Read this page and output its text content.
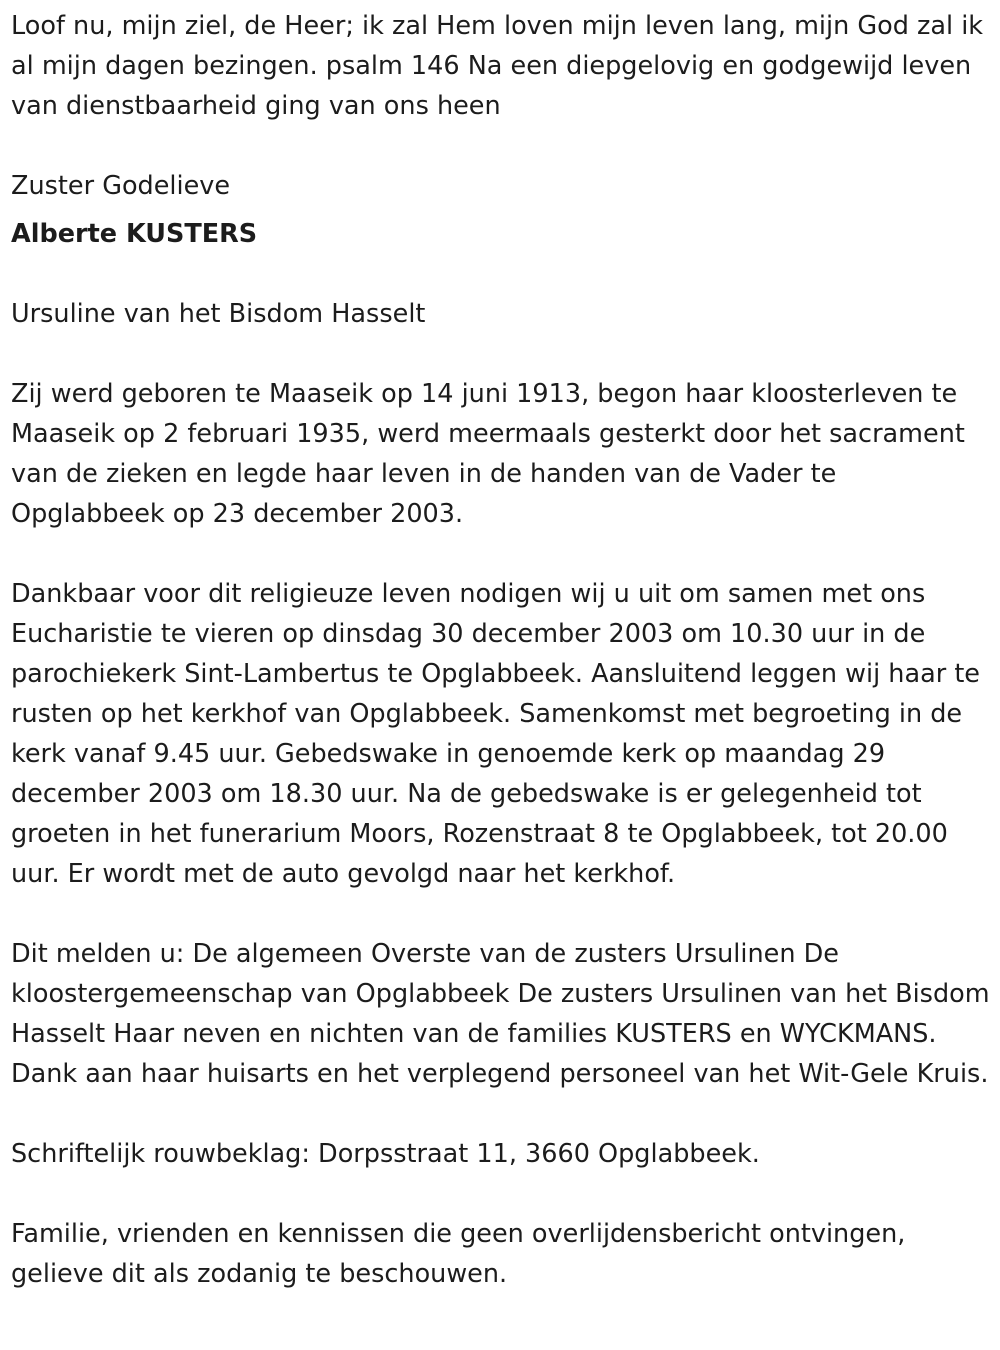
Loof nu, mijn ziel, de Heer; ik zal Hem loven mijn leven lang, mijn God zal ik al mijn dagen bezingen. psalm 146 Na een diepgelovig en godgewijd leven van dienstbaarheid ging van ons heen

Zuster Godelieve

Alberte KUSTERS

Ursuline van het Bisdom Hasselt

Zij werd geboren te Maaseik op 14 juni 1913, begon haar kloosterleven te Maaseik op 2 februari 1935, werd meermaals gesterkt door het sacrament van de zieken en legde haar leven in de handen van de Vader te Opglabbeek op 23 december 2003.

Dankbaar voor dit religieuze leven nodigen wij u uit om samen met ons Eucharistie te vieren op dinsdag 30 december 2003 om 10.30 uur in de parochiekerk Sint-Lambertus te Opglabbeek. Aansluitend leggen wij haar te rusten op het kerkhof van Opglabbeek. Samenkomst met begroeting in de kerk vanaf 9.45 uur. Gebedswake in genoemde kerk op maandag 29 december 2003 om 18.30 uur. Na de gebedswake is er gelegenheid tot groeten in het funerarium Moors, Rozenstraat 8 te Opglabbeek, tot 20.00 uur. Er wordt met de auto gevolgd naar het kerkhof.

Dit melden u: De algemeen Overste van de zusters Ursulinen De kloostergemeenschap van Opglabbeek De zusters Ursulinen van het Bisdom Hasselt Haar neven en nichten van de families KUSTERS en WYCKMANS. Dank aan haar huisarts en het verplegend personeel van het Wit-Gele Kruis.

Schriftelijk rouwbeklag: Dorpsstraat 11, 3660 Opglabbeek.

Familie, vrienden en kennissen die geen overlijdensbericht ontvingen, gelieve dit als zodanig te beschouwen.
